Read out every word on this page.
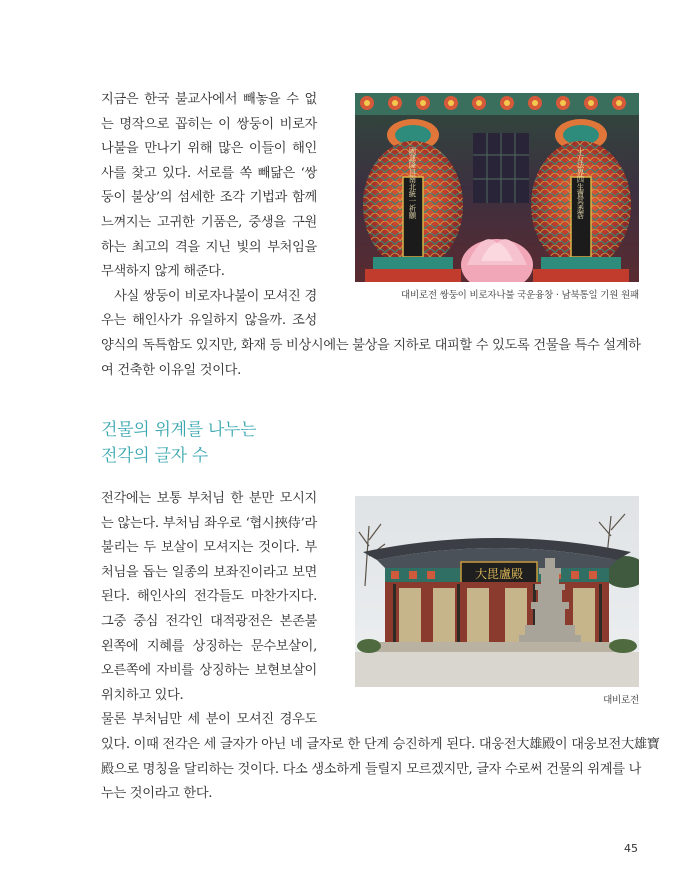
지금은 한국 불교사에서 빼놓을 수 없
는 명작으로 꼽히는 이 쌍둥이 비로자
나불을 만나기 위해 많은 이들이 해인
사를 찾고 있다. 서로를 쏙 빼닮은 ‘쌍
둥이 불상’의 섬세한 조각 기법과 함께
느껴지는 고귀한 기품은, 중생을 구원
하는 최고의 격을 지닌 빛의 부처임을
무색하지 않게 해준다.
　사실 쌍둥이 비로자나불이 모셔진 경
우는 해인사가 유일하지 않을까. 조성
양식의 독특함도 있지만, 화재 등 비상시에는 불상을 지하로 대피할 수 있도록 건물을 특수 설계하
여 건축한 이유일 것이다.
國運隆昌南北統一祈願	十方法界四生寶冥悉霑
대비로전 쌍둥이 비로자나불 국운융창 · 남북통일 기원 원패
건물의 위계를 나누는
전각의 글자 수
전각에는 보통 부처님 한 분만 모시지
는 않는다. 부처님 좌우로 ‘협시挾侍’라
불리는 두 보살이 모셔지는 것이다. 부
처님을 돕는 일종의 보좌진이라고 보면
된다. 해인사의 전각들도 마찬가지다.
그중 중심 전각인 대적광전은 본존불
왼쪽에 지혜를 상징하는 문수보살이,
오른쪽에 자비를 상징하는 보현보살이
위치하고 있다.
물론 부처님만 세 분이 모셔진 경우도
있다. 이때 전각은 세 글자가 아닌 네 글자로 한 단계 승진하게 된다. 대웅전大雄殿이 대웅보전大雄寶
殿으로 명칭을 달리하는 것이다. 다소 생소하게 들릴지 모르겠지만, 글자 수로써 건물의 위계를 나
누는 것이라고 한다.
大毘盧殿
대비로전
45
